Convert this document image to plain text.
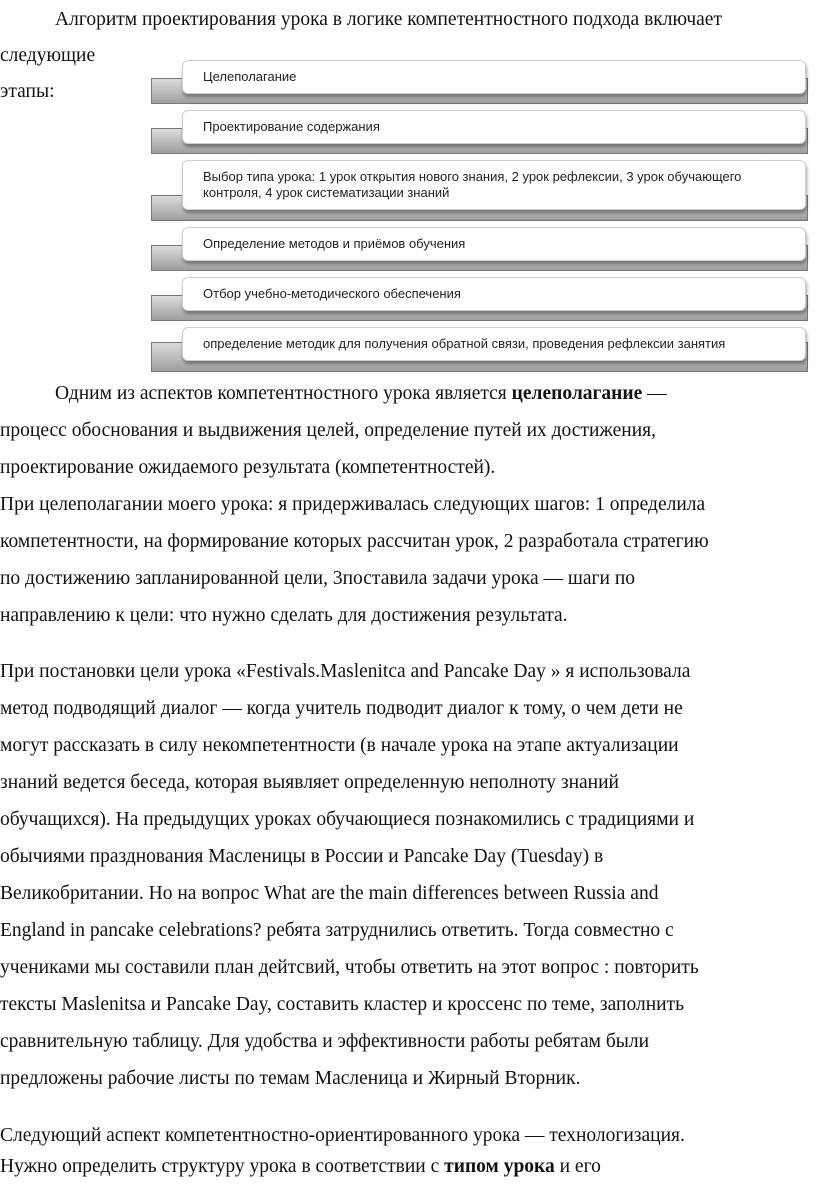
Алгоритм проектирования урока в логике компетентностного подхода включает
следующие
этапы:
Целеполагание
Проектирование содержания
Выбор типа урока: 1 урок открытия нового знания, 2 урок рефлексии, 3 урок обучающего контроля, 4 урок систематизации знаний
Определение методов и приёмов обучения
Отбор учебно-методического обеспечения
определение методик для получения обратной связи, проведения рефлексии занятия
Одним из аспектов компетентностного урока является целеполагание —
процесс обоснования и выдвижения целей, определение путей их достижения,
проектирование ожидаемого результата (компетентностей).
При целеполагании моего урока: я придерживалась следующих шагов: 1 определила
компетентности, на формирование которых рассчитан урок, 2 разработала стратегию
по достижению запланированной цели, 3поставила задачи урока — шаги по
направлению к цели: что нужно сделать для достижения результата.
При постановки цели урока «Festivals.Maslenitca and Pancake Day » я использовала
метод подводящий диалог — когда учитель подводит диалог к тому, о чем дети не
могут рассказать в силу некомпетентности (в начале урока на этапе актуализации
знаний ведется беседа, которая выявляет определенную неполноту знаний
обучащихся). На предыдущих уроках обучающиеся познакомились с традициями и
обычиями празднования Масленицы в России и Pancake Day (Tuesday) в
Великобритании. Но на вопрос What are the main differences between Russia and
England in pancake celebrations? ребята затруднились ответить. Тогда совместно с
учениками мы составили план дейтсвий, чтобы ответить на этот вопрос : повторить
тексты Maslenitsa и Pancake Day, составить кластер и кроссенс по теме, заполнить
сравнительную таблицу. Для удобства и эффективности работы ребятам были
предложены рабочие листы по темам Масленица и Жирный Вторник.
Следующий аспект компетентностно-ориентированного урока — технологизация.
Нужно определить структуру урока в соответствии с типом урока и его
